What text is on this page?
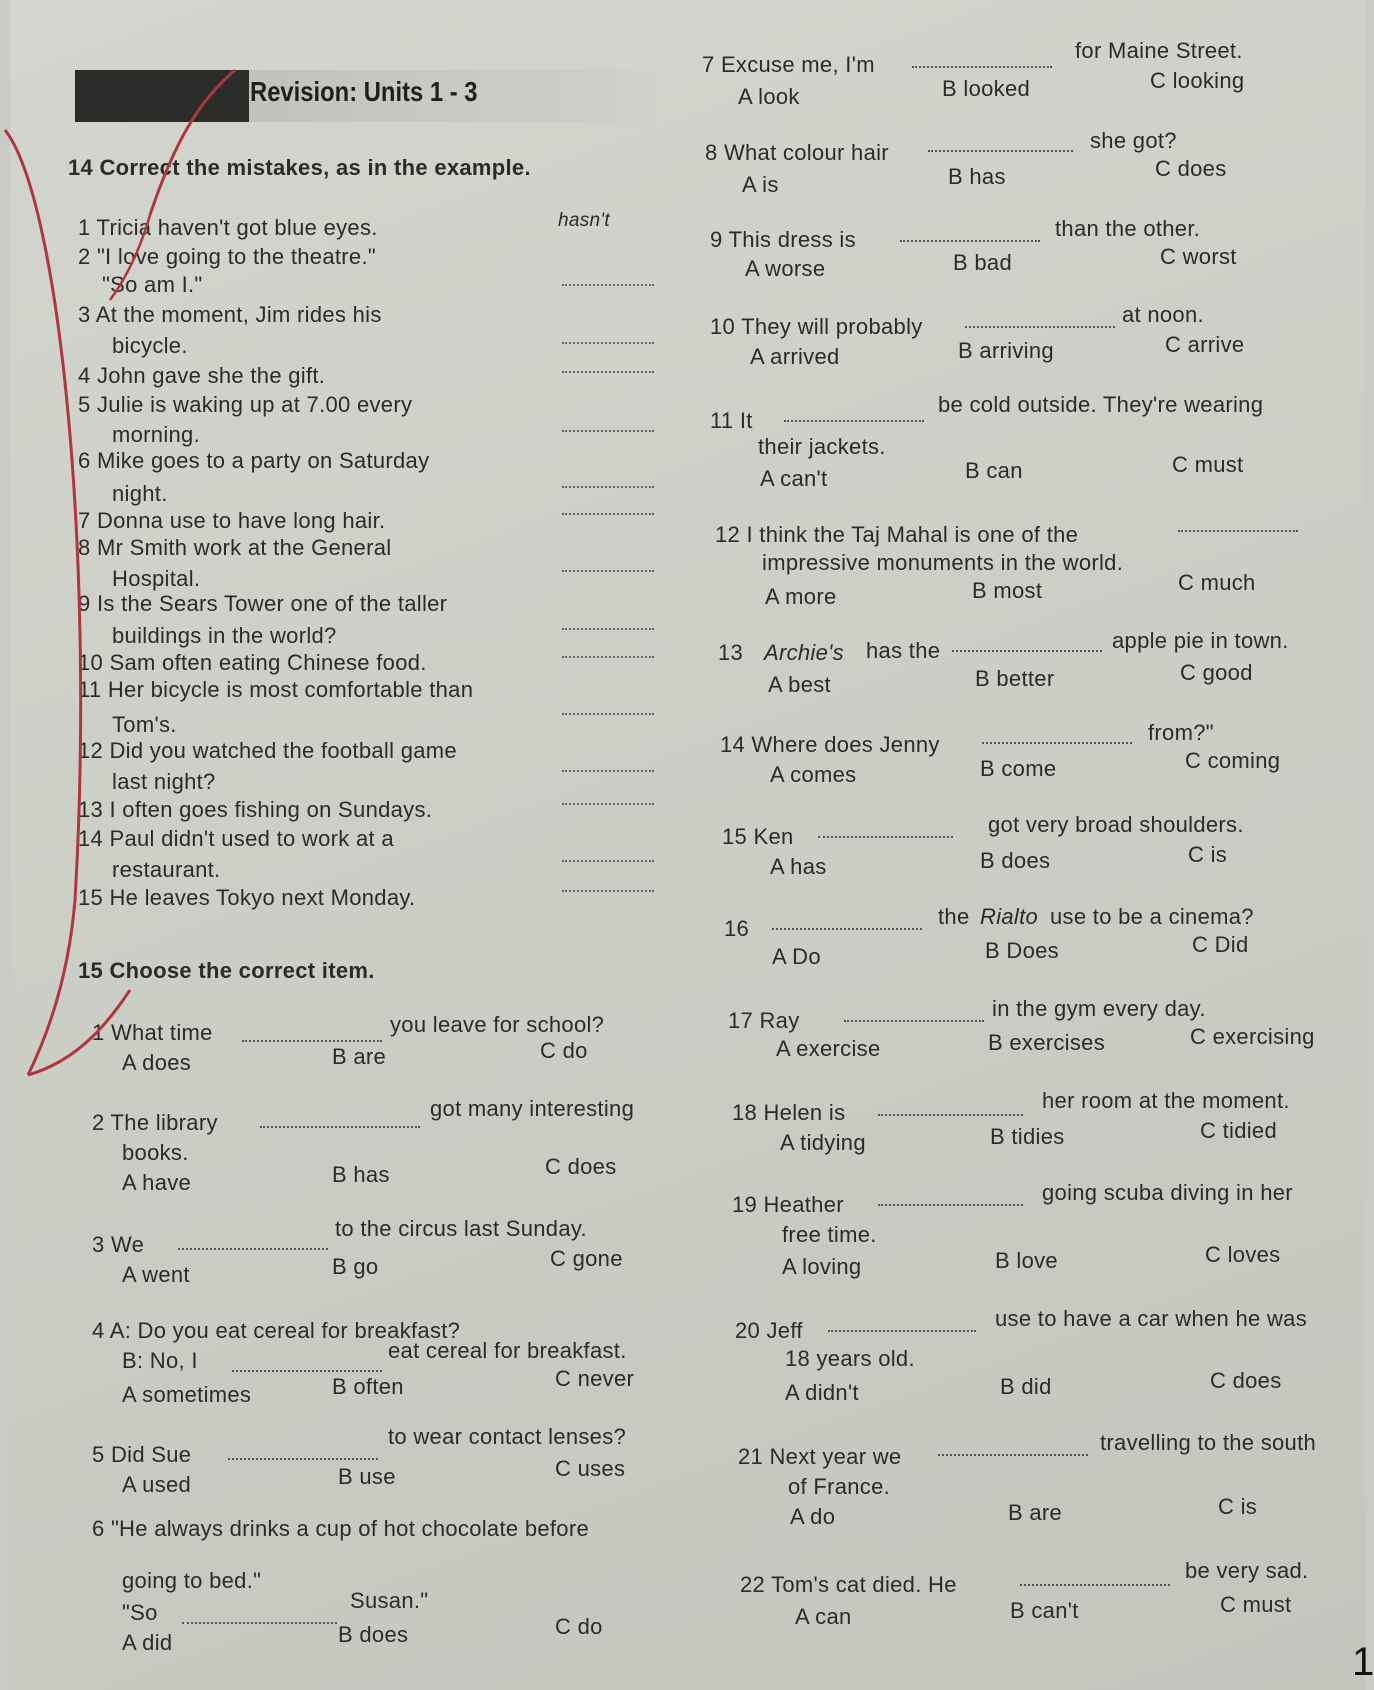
Revision: Units 1 - 3
14 Correct the mistakes, as in the example.
1 Tricia haven't got blue eyes.	hasn't
2 "I love going to the theatre."
"So am I."
3 At the moment, Jim rides his
bicycle.
4 John gave she the gift.
5 Julie is waking up at 7.00 every
morning.
6 Mike goes to a party on Saturday
night.
7 Donna use to have long hair.
8 Mr Smith work at the General
Hospital.
9 Is the Sears Tower one of the taller
buildings in the world?
10 Sam often eating Chinese food.
11 Her bicycle is most comfortable than
Tom's.
12 Did you watched the football game
last night?
13 I often goes fishing on Sundays.
14 Paul didn't used to work at a
restaurant.
15 He leaves Tokyo next Monday.
15 Choose the correct item.
1 What time	you leave for school?
A does	B are	C do
2 The library
got many interesting
books.
A have	B has	C does
3 We
to the circus last Sunday.
A went	B go	C gone
4 A: Do you eat cereal for breakfast?
B: No, I	eat cereal for breakfast.
A sometimes	B often	C never
5 Did Sue
to wear contact lenses?
A used	B use	C uses
6 "He always drinks a cup of hot chocolate before
going to bed."
"So	Susan."
A did	B does	C do
7 Excuse me, I'm
for Maine Street.
A look	B looked	C looking
8 What colour hair	she got?
A is	B has	C does
9 This dress is	than the other.
A worse	B bad	C worst
10 They will probably	at noon.
A arrived	B arriving	C arrive
11 It
be cold outside. They're wearing
their jackets.
A can't	B can	C must
12 I think the Taj Mahal is one of the
impressive monuments in the world.
A more	B most	C much
13 Archie's has the	apple pie in town.
A best	B better	C good
14 Where does Jenny	from?"
A comes	B come	C coming
15 Ken	got very broad shoulders.
A has	B does	C is
16	the Rialto use to be a cinema?
A Do	B Does	C Did
17 Ray	in the gym every day.
A exercise	B exercises	C exercising
18 Helen is	her room at the moment.
A tidying	B tidies	C tidied
19 Heather	going scuba diving in her
free time.
A loving	B love	C loves
20 Jeff	use to have a car when he was
18 years old.
A didn't	B did	C does
21 Next year we
travelling to the south
of France.
A do	B are	C is
22 Tom's cat died. He
be very sad.
A can	B can't	C must
1
